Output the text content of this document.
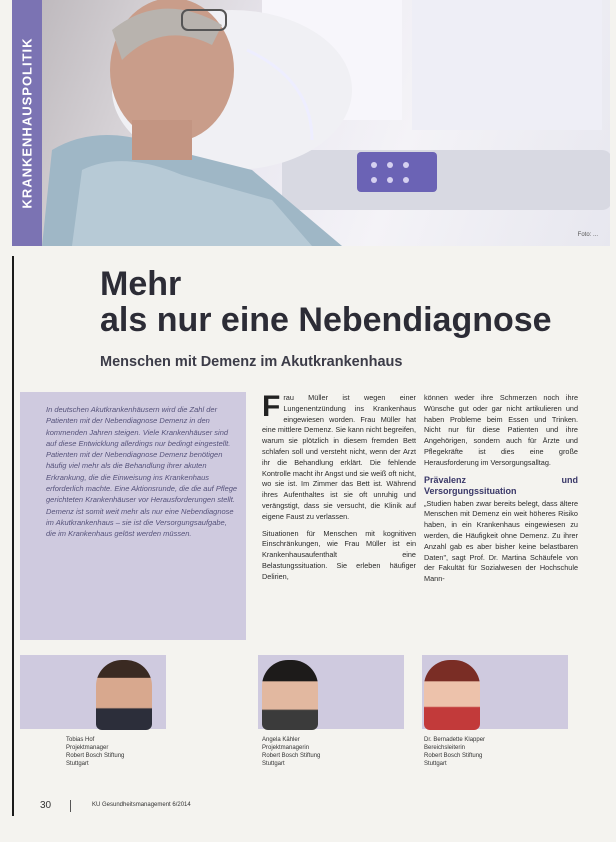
KRANKENHAUSPOLITIK
Foto: ...
Mehr
als nur eine Nebendiagnose
Menschen mit Demenz im Akutkrankenhaus
In deutschen Akutkrankenhäusern wird die Zahl der Patienten mit der Nebendiagnose Demenz in den kommenden Jahren steigen. Viele Krankenhäuser sind auf diese Entwicklung allerdings nur bedingt eingestellt. Patienten mit der Nebendiagnose Demenz benötigen häufig viel mehr als die Behandlung ihrer akuten Erkrankung, die die Einweisung ins Krankenhaus erforderlich machte. Eine Aktionsrunde, die die auf Pflege gerichteten Krankenhäuser vor Herausforderungen stellt. Demenz ist somit weit mehr als nur eine Nebendiagnose im Akutkrankenhaus – sie ist die Versorgungsaufgabe, die im Krankenhaus gelöst werden müssen.

Frau Müller ist wegen einer Lungenentzündung ins Krankenhaus eingewiesen worden. Frau Müller hat eine mittlere Demenz. Sie kann nicht begreifen, warum sie plötzlich in diesem fremden Bett schlafen soll und versteht nicht, wenn der Arzt ihr die Behandlung erklärt. Die fehlende Kontrolle macht ihr Angst und sie weiß oft nicht, wo sie ist. Im Zimmer das Bett ist. Während ihres Aufenthaltes ist sie oft unruhig und verängstigt, dass sie versucht, die Klinik auf eigene Faust zu verlassen.

Situationen für Menschen mit kognitiven Einschränkungen, wie Frau Müller ist ein Krankenhausaufenthalt eine Belastungssituation. Sie erleben häufiger Delirien,

können weder ihre Schmerzen noch ihre Wünsche gut oder gar nicht artikulieren und haben Probleme beim Essen und Trinken. Nicht nur für diese Patienten und ihre Angehörigen, sondern auch für Ärzte und Pflegekräfte ist dies eine große Herausforderung im Versorgungsalltag.

Prävalenz und Versorgungssituation

„Studien haben zwar bereits belegt, dass ältere Menschen mit Demenz ein weit höheres Risiko haben, in ein Krankenhaus eingewiesen zu werden, die Häufigkeit ohne Demenz. Zu ihrer Anzahl gab es aber bisher keine belastbaren Daten", sagt Prof. Dr. Martina Schäufele von der Fakultät für Sozialwesen der Hochschule Mann-

Tobias Hof
Projektmanager
Robert Bosch Stiftung
Stuttgart
Angela Kähler
Projektmanagerin
Robert Bosch Stiftung
Stuttgart
Dr. Bernadette Klapper
Bereichsleiterin
Robert Bosch Stiftung
Stuttgart
30	KU Gesundheitsmanagement 6/2014
